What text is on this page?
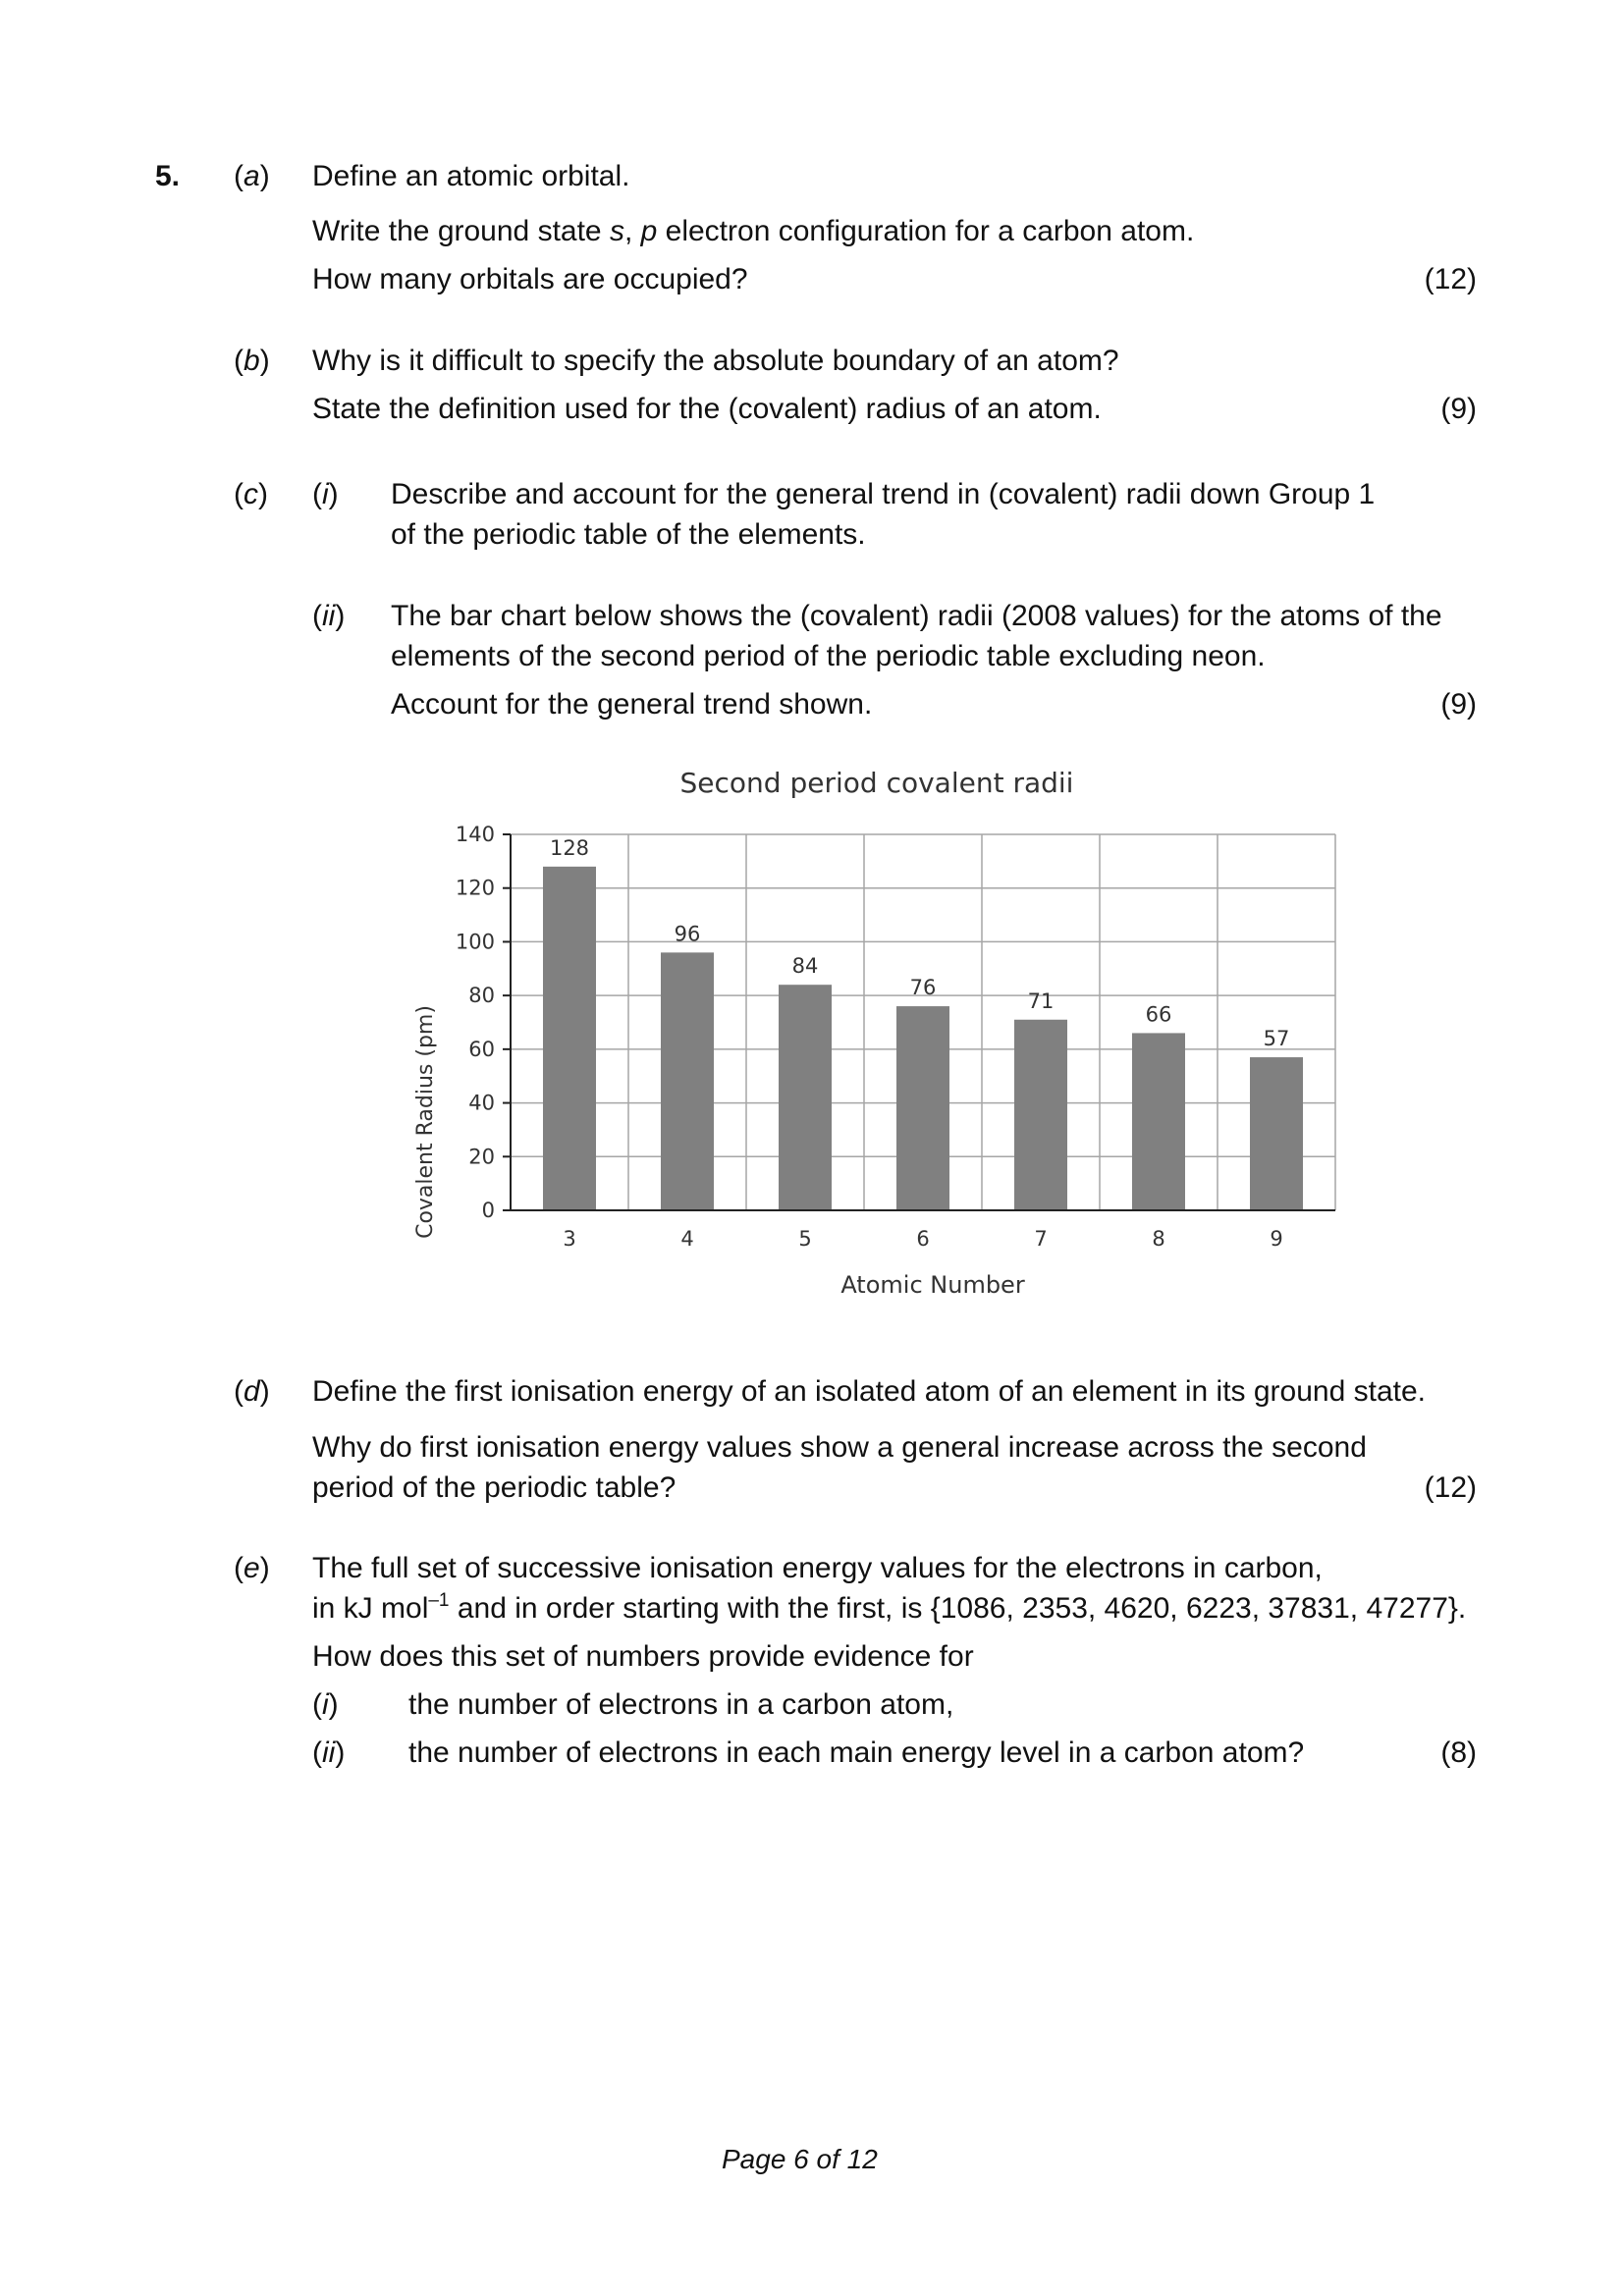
5. (a) Define an atomic orbital.
Write the ground state s, p electron configuration for a carbon atom.
How many orbitals are occupied?	(12)
(b) Why is it difficult to specify the absolute boundary of an atom?
State the definition used for the (covalent) radius of an atom.	(9)
(c) (i) Describe and account for the general trend in (covalent) radii down Group 1
of the periodic table of the elements.
(ii) The bar chart below shows the (covalent) radii (2008 values) for the atoms of the
elements of the second period of the periodic table excluding neon.
Account for the general trend shown.	(9)
Second period covalent radii
0
20
40
60
80
100
120
140
3	4	5	6	7	8	9
128
96
84
76
71
66
57
Atomic Number
Covalent Radius (pm)
(d) Define the first ionisation energy of an isolated atom of an element in its ground state.
Why do first ionisation energy values show a general increase across the second
period of the periodic table?	(12)
(e) The full set of successive ionisation energy values for the electrons in carbon,
in kJ mol$^{-1}$ and in order starting with the first, is {1086, 2353, 4620, 6223, 37831, 47277}.
How does this set of numbers provide evidence for
(i) the number of electrons in a carbon atom,
(ii) the number of electrons in each main energy level in a carbon atom?	(8)
Page 6 of 12
